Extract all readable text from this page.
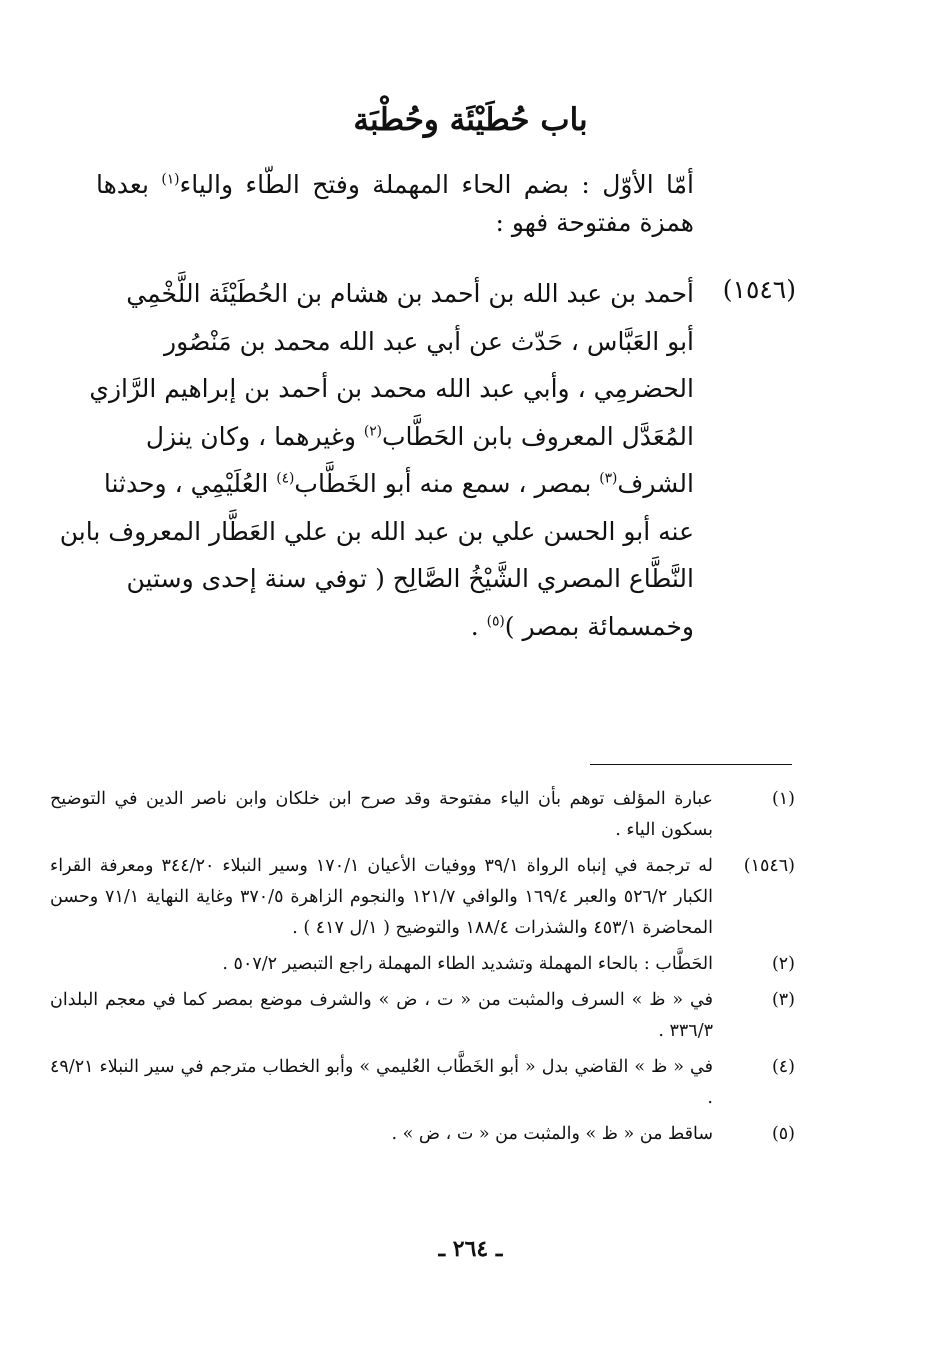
باب حُطَيْئَة وحُطْبَة
أمّا الأوّل : بضم الحاء المهملة وفتح الطّاء والياء$^{(١)}$ بعدها همزة مفتوحة فهو :
(١٥٤٦)
أحمد بن عبد الله بن أحمد بن هشام بن الحُطَيْئَة اللَّخْمِي
أبو العَبَّاس ، حَدّث عن أبي عبد الله محمد بن مَنْصُور
الحضرمِي ، وأبي عبد الله محمد بن أحمد بن إبراهيم الرَّازي
المُعَدَّل المعروف بابن الحَطَّاب$^{(٢)}$ وغيرهما ، وكان ينزل
الشرف$^{(٣)}$ بمصر ، سمع منه أبو الخَطَّاب$^{(٤)}$ العُلَيْمِي ، وحدثنا
عنه أبو الحسن علي بن عبد الله بن علي العَطَّار المعروف بابن
النَّطَّاع المصري الشَّيْخُ الصَّالِح ( توفي سنة إحدى وستين
وخمسمائة بمصر )$^{(٥)}$ .
(١)
عبارة المؤلف توهم بأن الياء مفتوحة وقد صرح ابن خلكان وابن ناصر الدين في التوضيح بسكون الياء .
(١٥٤٦)
له ترجمة في إنباه الرواة ٣٩/١ ووفيات الأعيان ١٧٠/١ وسير النبلاء ٣٤٤/٢٠ ومعرفة القراء الكبار ٥٢٦/٢ والعبر ١٦٩/٤ والوافي ١٢١/٧ والنجوم الزاهرة ٣٧٠/٥ وغاية النهاية ٧١/١ وحسن المحاضرة ٤٥٣/١ والشذرات ١٨٨/٤ والتوضيح ( ١/ل ٤١٧ ) .
(٢)
الحَطَّاب : بالحاء المهملة وتشديد الطاء المهملة راجع التبصير ٥٠٧/٢ .
(٣)
في « ظ » السرف والمثبت من « ت ، ض » والشرف موضع بمصر كما في معجم البلدان ٣٣٦/٣ .
(٤)
في « ظ » القاضي بدل « أبو الخَطَّاب العُليمي » وأبو الخطاب مترجم في سير النبلاء ٤٩/٢١ .
(٥)
ساقط من « ظ » والمثبت من « ت ، ض » .
ـ ٢٦٤ ـ
